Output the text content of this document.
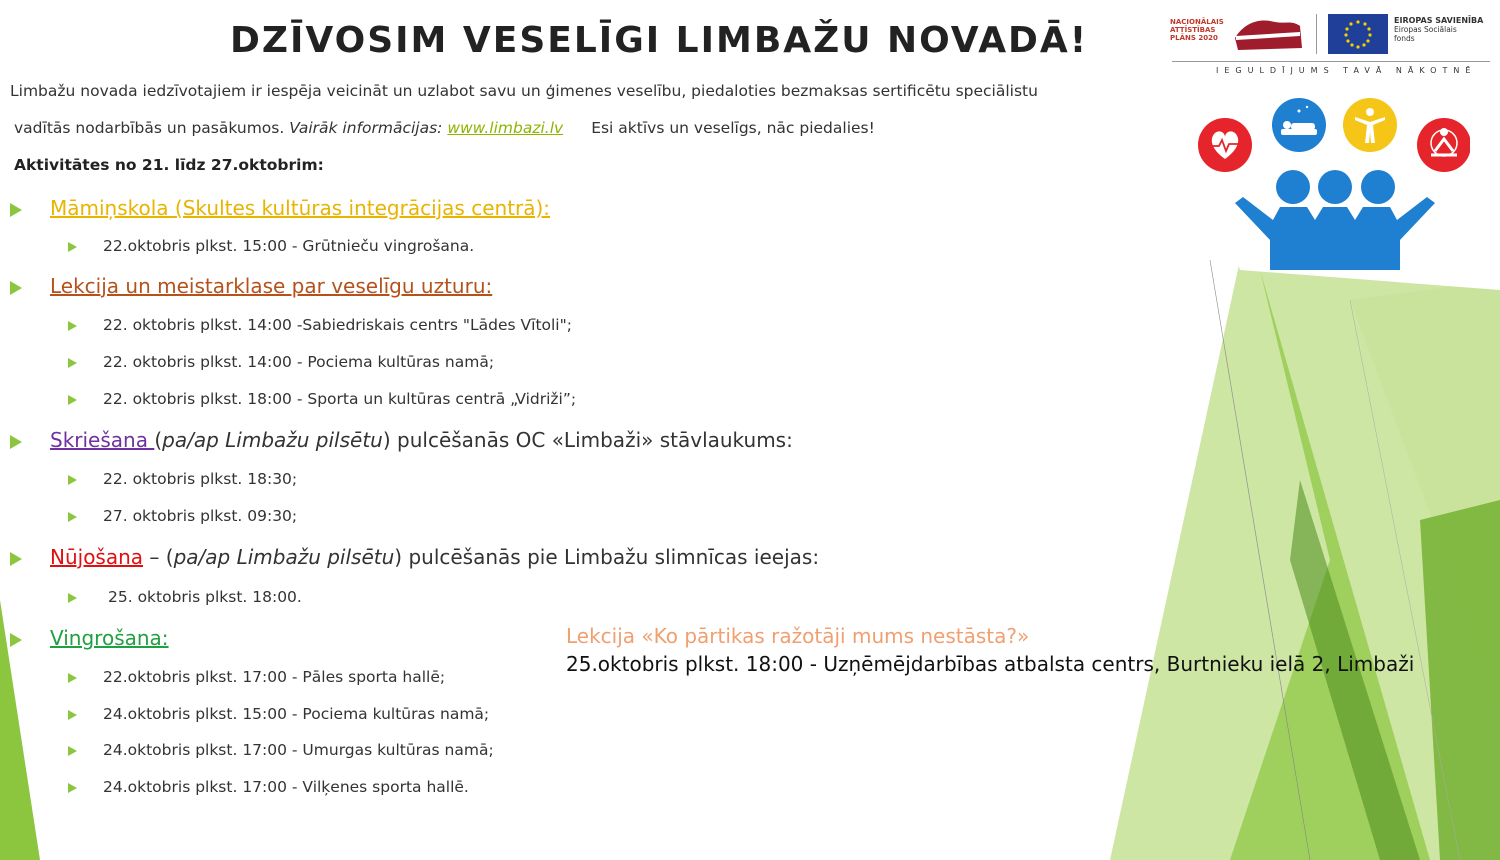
NACIONĀLAIS
ATTĪSTĪBAS
PLĀNS 2020
EIROPAS SAVIENĪBA
Eiropas Sociālais
fonds
IEGULDĪJUMS TAVĀ NĀKOTNĒ
DZĪVOSIM VESELĪGI LIMBAŽU NOVADĀ!
Limbažu novada iedzīvotajiem ir iespēja veicināt un uzlabot savu un ģimenes veselību, piedaloties bezmaksas sertificētu speciālistu
vadītās nodarbībās un pasākumos. Vairāk informācijas: www.limbazi.lv Esi aktīvs un veselīgs, nāc piedalies!
Aktivitātes no 21. līdz 27.oktobrim:
Māmiņskola (Skultes kultūras integrācijas centrā):
22.oktobris plkst. 15:00 - Grūtnieču vingrošana.
Lekcija un meistarklase par veselīgu uzturu:
22. oktobris plkst. 14:00 -Sabiedriskais centrs "Lādes Vītoli";
22. oktobris plkst. 14:00 - Pociema kultūras namā;
22. oktobris plkst. 18:00 - Sporta un kultūras centrā „Vidriži”;
Skriešana (pa/ap Limbažu pilsētu) pulcēšanās OC «Limbaži» stāvlaukums:
22. oktobris plkst. 18:30;
27. oktobris plkst. 09:30;
Nūjošana – (pa/ap Limbažu pilsētu) pulcēšanās pie Limbažu slimnīcas ieejas:
25. oktobris plkst. 18:00.
Vingrošana:
22.oktobris plkst. 17:00 - Pāles sporta hallē;
24.oktobris plkst. 15:00 - Pociema kultūras namā;
24.oktobris plkst. 17:00 - Umurgas kultūras namā;
24.oktobris plkst. 17:00 - Vilķenes sporta hallē.
Lekcija «Ko pārtikas ražotāji mums nestāsta?»
25.oktobris plkst. 18:00 - Uzņēmējdarbības atbalsta centrs, Burtnieku ielā 2, Limbaži
